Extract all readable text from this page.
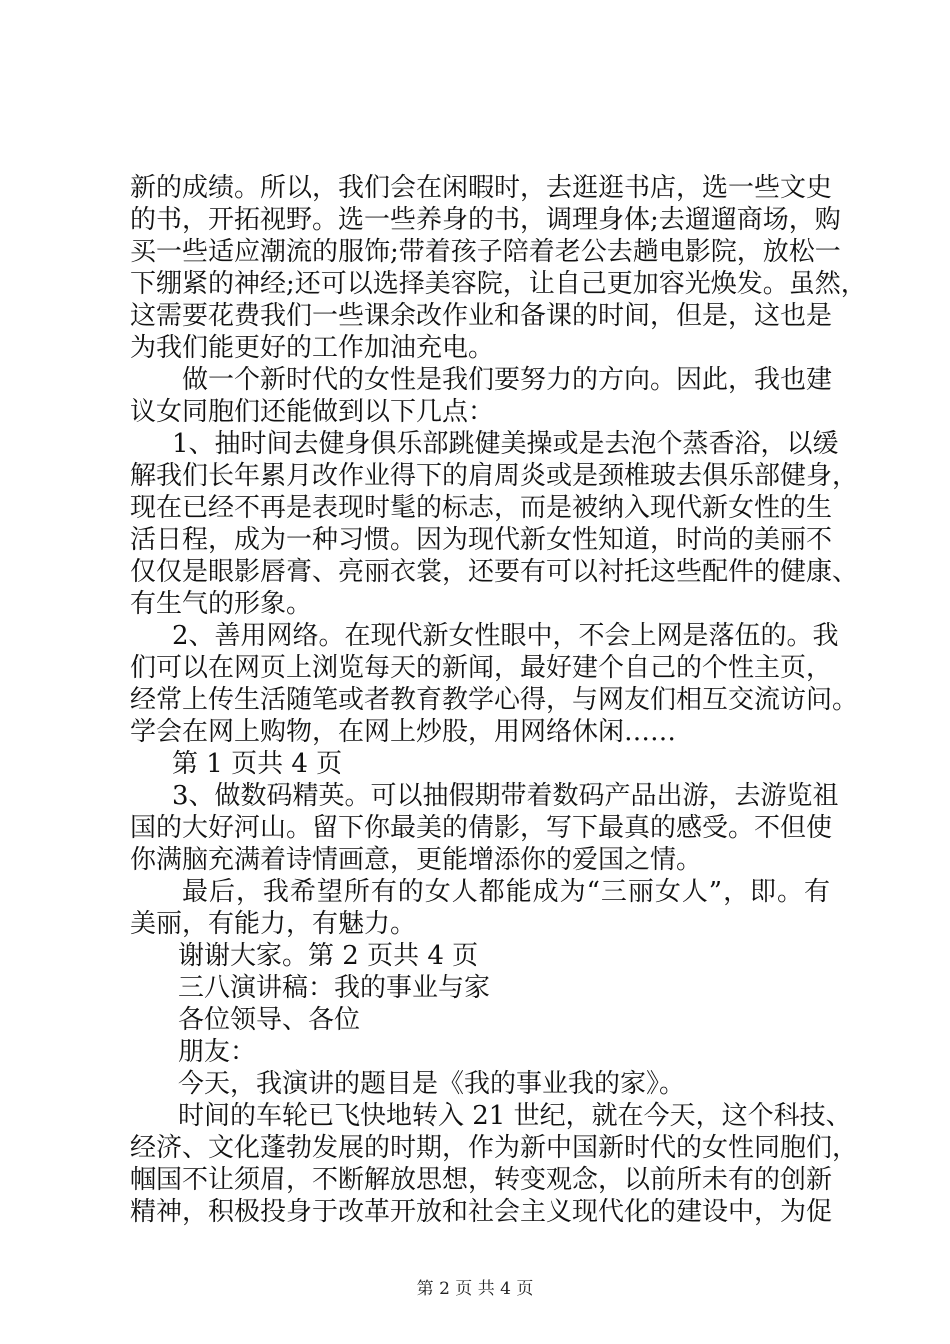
新的成绩。所以，我们会在闲暇时，去逛逛书店，选一些文史
的书，开拓视野。选一些养身的书，调理身体;去遛遛商场，购
买一些适应潮流的服饰;带着孩子陪着老公去趟电影院，放松一
下绷紧的神经;还可以选择美容院，让自己更加容光焕发。虽然，
这需要花费我们一些课余改作业和备课的时间，但是，这也是
为我们能更好的工作加油充电。
做一个新时代的女性是我们要努力的方向。因此，我也建
议女同胞们还能做到以下几点：
1、抽时间去健身俱乐部跳健美操或是去泡个蒸香浴，以缓
解我们长年累月改作业得下的肩周炎或是颈椎玻去俱乐部健身，
现在已经不再是表现时髦的标志，而是被纳入现代新女性的生
活日程，成为一种习惯。因为现代新女性知道，时尚的美丽不
仅仅是眼影唇膏、亮丽衣裳，还要有可以衬托这些配件的健康、
有生气的形象。
2、善用网络。在现代新女性眼中，不会上网是落伍的。我
们可以在网页上浏览每天的新闻，最好建个自己的个性主页，
经常上传生活随笔或者教育教学心得，与网友们相互交流访问。
学会在网上购物，在网上炒股，用网络休闲……
第 1 页共 4 页
3、做数码精英。可以抽假期带着数码产品出游，去游览祖
国的大好河山。留下你最美的倩影，写下最真的感受。不但使
你满脑充满着诗情画意，更能增添你的爱国之情。
最后，我希望所有的女人都能成为“三丽女人”，即。有
美丽，有能力，有魅力。
谢谢大家。第 2 页共 4 页
三八演讲稿：我的事业与家
各位领导、各位
朋友：
今天，我演讲的题目是《我的事业我的家》。
时间的车轮已飞快地转入 21 世纪，就在今天，这个科技、
经济、文化蓬勃发展的时期，作为新中国新时代的女性同胞们，
帼国不让须眉，不断解放思想，转变观念，以前所未有的创新
精神，积极投身于改革开放和社会主义现代化的建设中，为促
第 2 页 共 4 页
